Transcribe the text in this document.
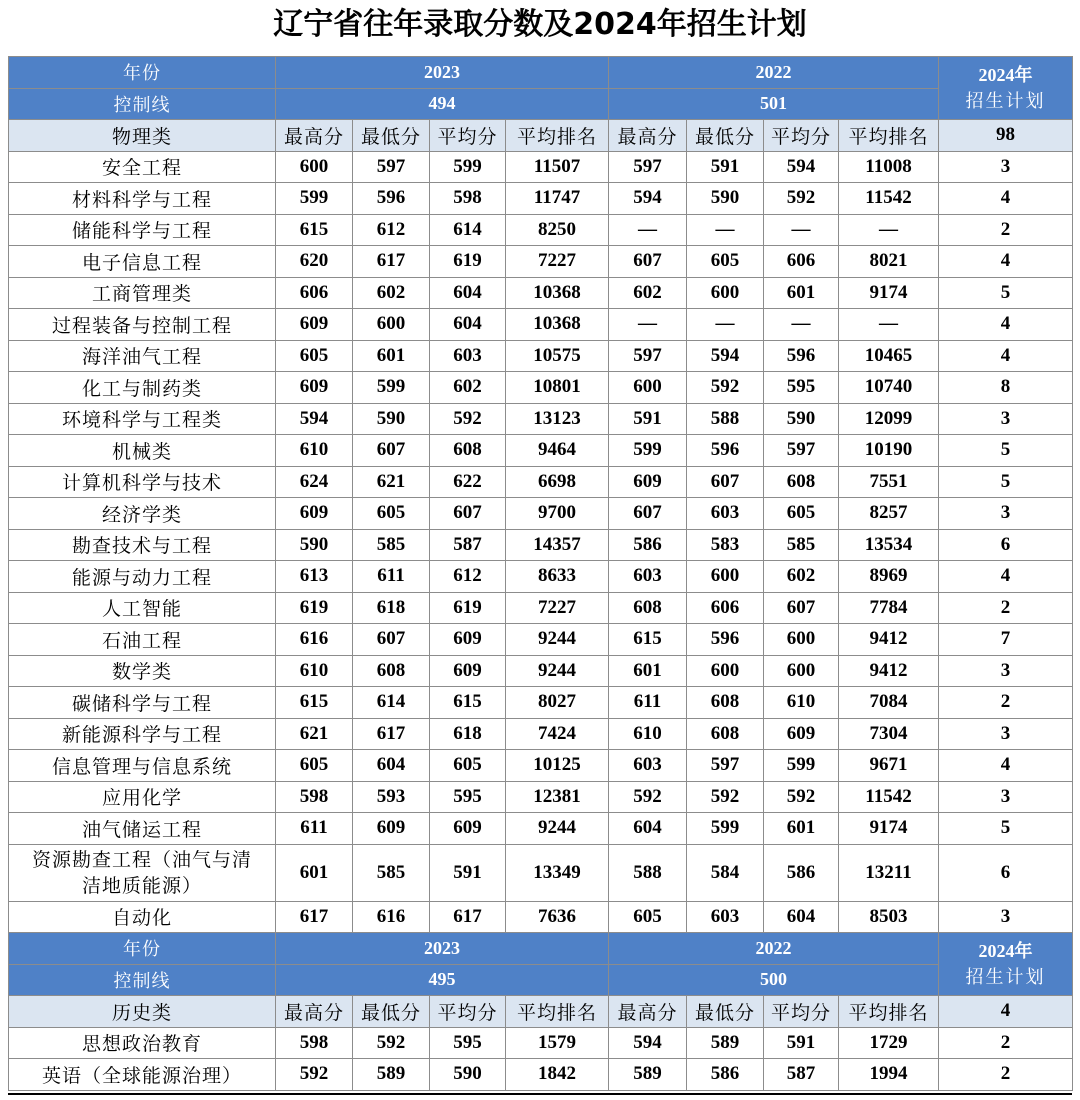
辽宁省往年录取分数及2024年招生计划
年份	2023				2022				2024年
招生计划
控制线	494				501				
物理类	最高分	最低分	平均分	平均排名	最高分	最低分	平均分	平均排名	98
安全工程	600	597	599	11507	597	591	594	11008	3
材料科学与工程	599	596	598	11747	594	590	592	11542	4
储能科学与工程	615	612	614	8250	—	—	—	—	2
电子信息工程	620	617	619	7227	607	605	606	8021	4
工商管理类	606	602	604	10368	602	600	601	9174	5
过程装备与控制工程	609	600	604	10368	—	—	—	—	4
海洋油气工程	605	601	603	10575	597	594	596	10465	4
化工与制药类	609	599	602	10801	600	592	595	10740	8
环境科学与工程类	594	590	592	13123	591	588	590	12099	3
机械类	610	607	608	9464	599	596	597	10190	5
计算机科学与技术	624	621	622	6698	609	607	608	7551	5
经济学类	609	605	607	9700	607	603	605	8257	3
勘查技术与工程	590	585	587	14357	586	583	585	13534	6
能源与动力工程	613	611	612	8633	603	600	602	8969	4
人工智能	619	618	619	7227	608	606	607	7784	2
石油工程	616	607	609	9244	615	596	600	9412	7
数学类	610	608	609	9244	601	600	600	9412	3
碳储科学与工程	615	614	615	8027	611	608	610	7084	2
新能源科学与工程	621	617	618	7424	610	608	609	7304	3
信息管理与信息系统	605	604	605	10125	603	597	599	9671	4
应用化学	598	593	595	12381	592	592	592	11542	3
油气储运工程	611	609	609	9244	604	599	601	9174	5
资源勘查工程（油气与清
洁地质能源）	601	585	591	13349	588	584	586	13211	6
自动化	617	616	617	7636	605	603	604	8503	3
年份	2023				2022				2024年
招生计划
控制线	495				500				
历史类	最高分	最低分	平均分	平均排名	最高分	最低分	平均分	平均排名	4
思想政治教育	598	592	595	1579	594	589	591	1729	2
英语（全球能源治理）	592	589	590	1842	589	586	587	1994	2
